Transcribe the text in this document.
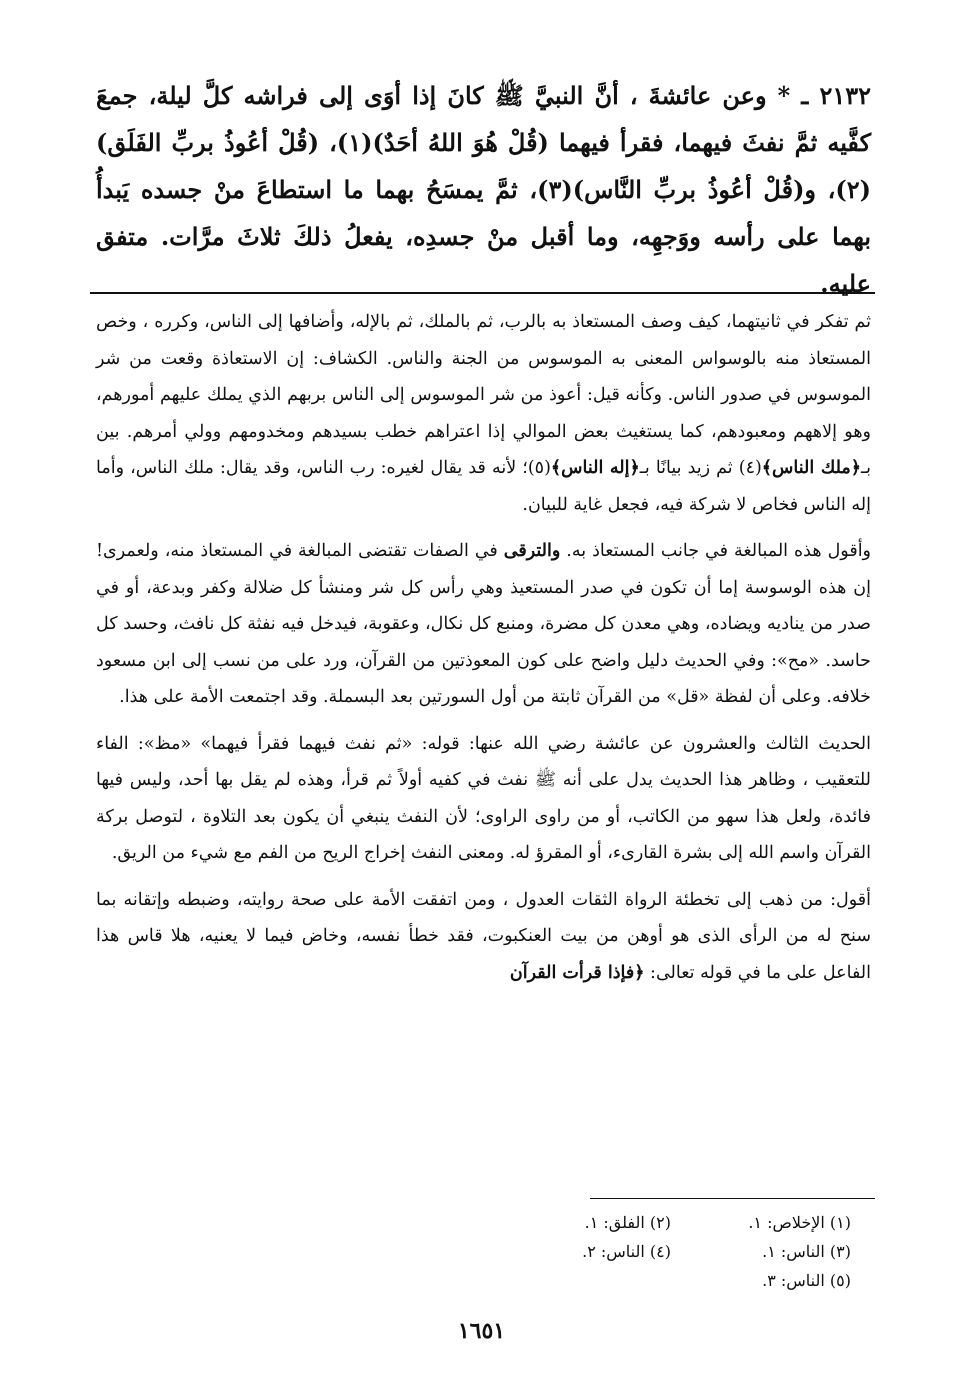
٢١٣٢ ـ * وعن عائشةَ ، أنَّ النبيَّ ﷺ كانَ إذا أوَى إلى فراشه كلَّ ليلة، جمعَ كفَّيه ثمَّ نفثَ فيهما، فقرأ فيهما (قُلْ هُوَ اللهُ أحَدٌ)(١)، (قُلْ أعُوذُ بربِّ الفَلَق)(٢)، و(قُلْ أعُوذُ بربِّ النَّاس)(٣)، ثمَّ يمسَحُ بهما ما استطاعَ منْ جسده يَبدأُ بهما على رأسه ووَجهِه، وما أقبل منْ جسدِه، يفعلُ ذلكَ ثلاثَ مرَّات. متفق عليه.

ثم تفكر في ثانيتهما، كيف وصف المستعاذ به بالرب، ثم بالملك، ثم بالإله، وأضافها إلى الناس، وكرره ، وخص المستعاذ منه بالوسواس المعنى به الموسوس من الجنة والناس. الكشاف: إن الاستعاذة وقعت من شر الموسوس في صدور الناس. وكأنه قيل: أعوذ من شر الموسوس إلى الناس بربهم الذي يملك عليهم أمورهم، وهو إلاههم ومعبودهم، كما يستغيث بعض الموالي إذا اعتراهم خطب بسيدهم ومخدومهم وولي أمرهم. بين بـ﴿ملك الناس﴾(٤) ثم زيد بيانًا بـ﴿إله الناس﴾(٥)؛ لأنه قد يقال لغيره: رب الناس، وقد يقال: ملك الناس، وأما إله الناس فخاص لا شركة فيه، فجعل غاية للبيان.

وأقول هذه المبالغة في جانب المستعاذ به. والترقى في الصفات تقتضى المبالغة في المستعاذ منه، ولعمرى! إن هذه الوسوسة إما أن تكون في صدر المستعيذ وهي رأس كل شر ومنشأ كل ضلالة وكفر وبدعة، أو في صدر من يناديه ويضاده، وهي معدن كل مضرة، ومنبع كل نكال، وعقوبة، فيدخل فيه نفثة كل نافث، وحسد كل حاسد. «مح»: وفي الحديث دليل واضح على كون المعوذتين من القرآن، ورد على من نسب إلى ابن مسعود خلافه. وعلى أن لفظة «قل» من القرآن ثابتة من أول السورتين بعد البسملة. وقد اجتمعت الأمة على هذا.

الحديث الثالث والعشرون عن عائشة رضي الله عنها: قوله: «ثم نفث فيهما فقرأ فيهما» «مظ»: الفاء للتعقيب ، وظاهر هذا الحديث يدل على أنه ﷺ نفث في كفيه أولاً ثم قرأ، وهذه لم يقل بها أحد، وليس فيها فائدة، ولعل هذا سهو من الكاتب، أو من راوى الراوى؛ لأن النفث ينبغي أن يكون بعد التلاوة ، لتوصل بركة القرآن واسم الله إلى بشرة القارىء، أو المقرؤ له. ومعنى النفث إخراج الريح من الفم مع شيء من الريق.

أقول: من ذهب إلى تخطئة الرواة الثقات العدول ، ومن اتفقت الأمة على صحة روايته، وضبطه وإتقانه بما سنح له من الرأى الذى هو أوهن من بيت العنكبوت، فقد خطأ نفسه، وخاض فيما لا يعنيه، هلا قاس هذا الفاعل على ما في قوله تعالى: ﴿فإذا قرأت القرآن

(١) الإخلاص: ١.
(٢) الفلق: ١.
(٣) الناس: ١.
(٤) الناس: ٢.
(٥) الناس: ٣.
١٦٥١
